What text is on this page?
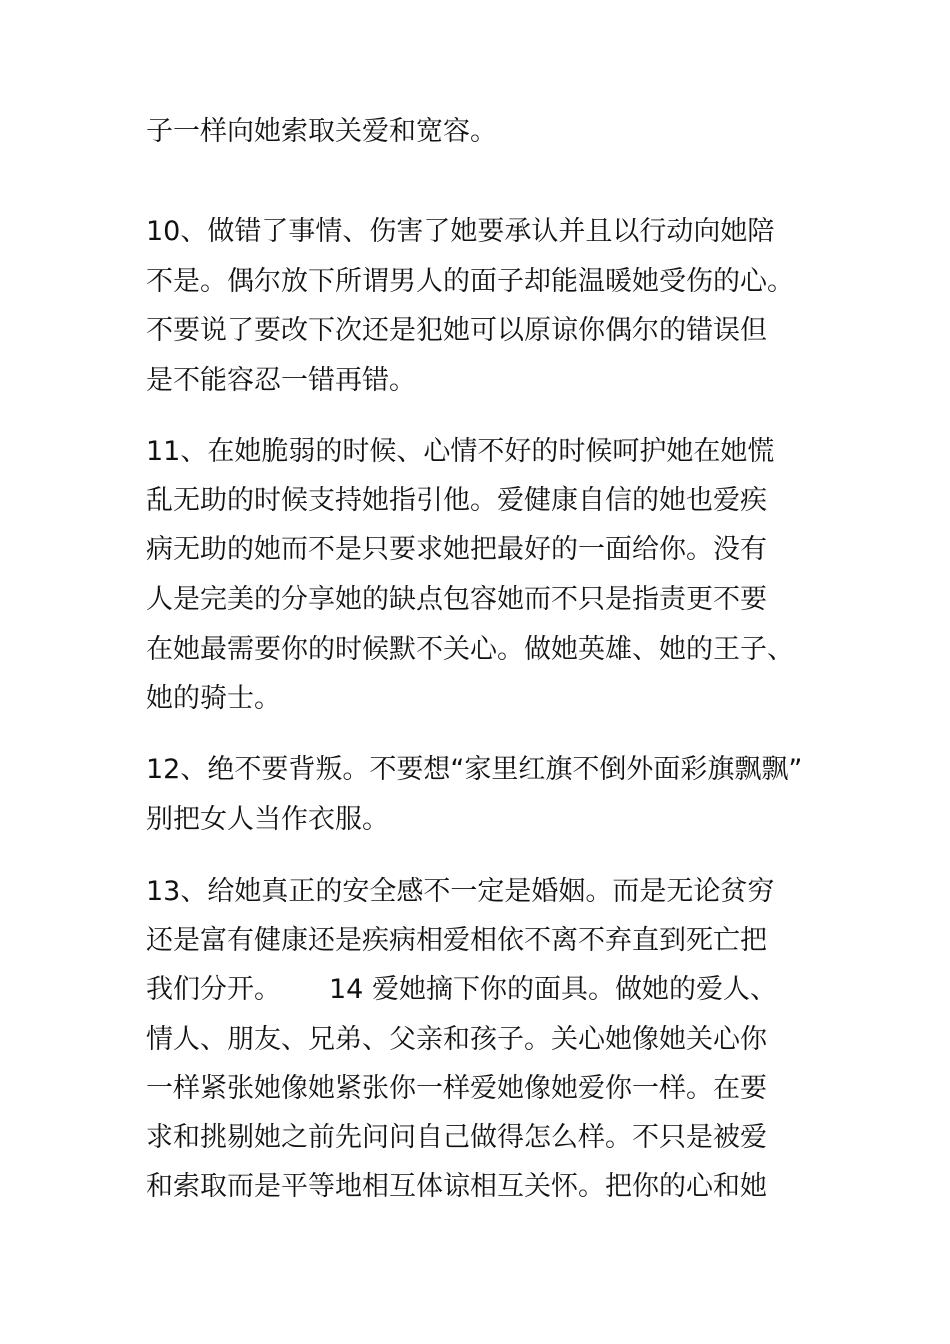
子一样向她索取关爱和宽容。
10、做错了事情、伤害了她要承认并且以行动向她陪
不是。偶尔放下所谓男人的面子却能温暖她受伤的心。
不要说了要改下次还是犯她可以原谅你偶尔的错误但
是不能容忍一错再错。
11、在她脆弱的时候、心情不好的时候呵护她在她慌
乱无助的时候支持她指引他。爱健康自信的她也爱疾
病无助的她而不是只要求她把最好的一面给你。没有
人是完美的分享她的缺点包容她而不只是指责更不要
在她最需要你的时候默不关心。做她英雄、她的王子、
她的骑士。
12、绝不要背叛。不要想“家里红旗不倒外面彩旗飘飘”
别把女人当作衣服。
13、给她真正的安全感不一定是婚姻。而是无论贫穷
还是富有健康还是疾病相爱相依不离不弃直到死亡把
我们分开。 14 爱她摘下你的面具。做她的爱人、
情人、朋友、兄弟、父亲和孩子。关心她像她关心你
一样紧张她像她紧张你一样爱她像她爱你一样。在要
求和挑剔她之前先问问自己做得怎么样。不只是被爱
和索取而是平等地相互体谅相互关怀。把你的心和她
